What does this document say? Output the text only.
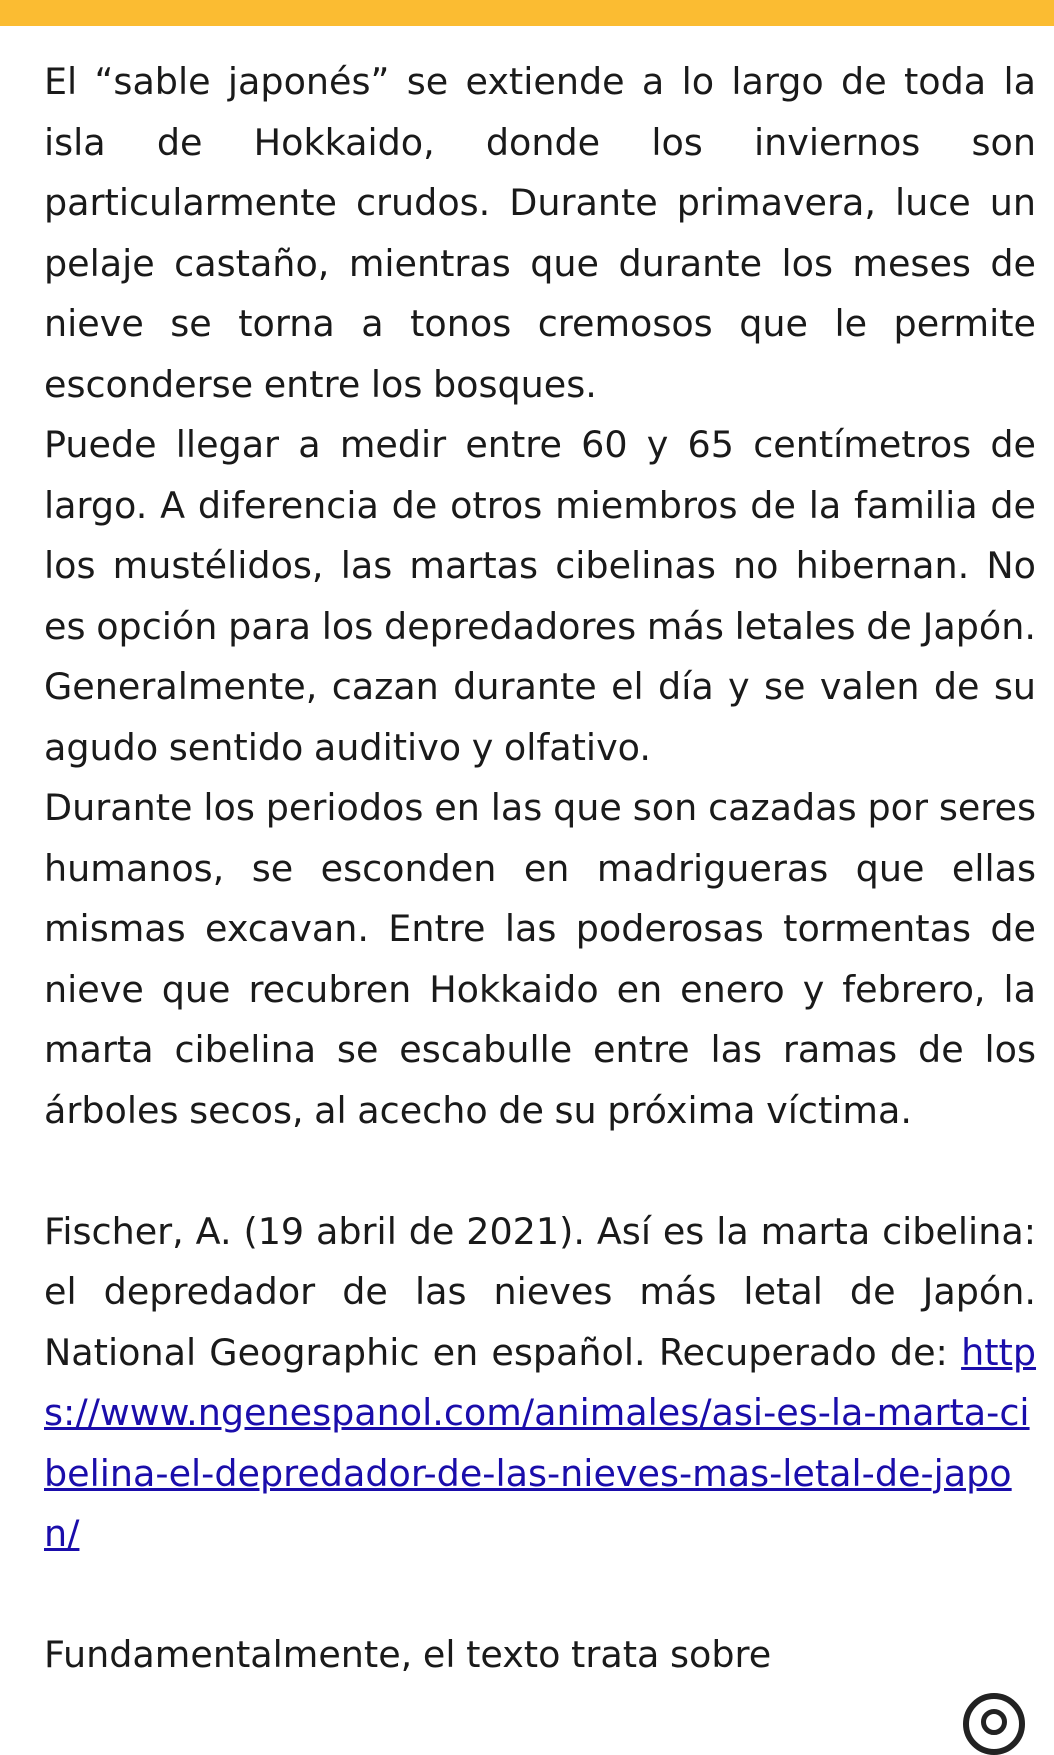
El “sable japonés” se extiende a lo largo de toda la isla de Hokkaido, donde los inviernos son particularmente crudos. Durante primavera, luce un pelaje castaño, mientras que durante los meses de nieve se torna a tonos cremosos que le permite esconderse entre los bosques.

Puede llegar a medir entre 60 y 65 centímetros de largo. A diferencia de otros miembros de la familia de los mustélidos, las martas cibelinas no hibernan. No es opción para los depredadores más letales de Japón. Generalmente, cazan durante el día y se valen de su agudo sentido auditivo y olfativo.

Durante los periodos en las que son cazadas por seres humanos, se esconden en madrigueras que ellas mismas excavan. Entre las poderosas tormentas de nieve que recubren Hokkaido en enero y febrero, la marta cibelina se escabulle entre las ramas de los árboles secos, al acecho de su próxima víctima.

Fischer, A. (19 abril de 2021). Así es la marta cibelina: el depredador de las nieves más letal de Japón. National Geographic en español. Recuperado de: https://www.ngenespanol.com/animales/asi-es-la-marta-cibelina-el-depredador-de-las-nieves-mas-letal-de-japon/

Fundamentalmente, el texto trata sobre
